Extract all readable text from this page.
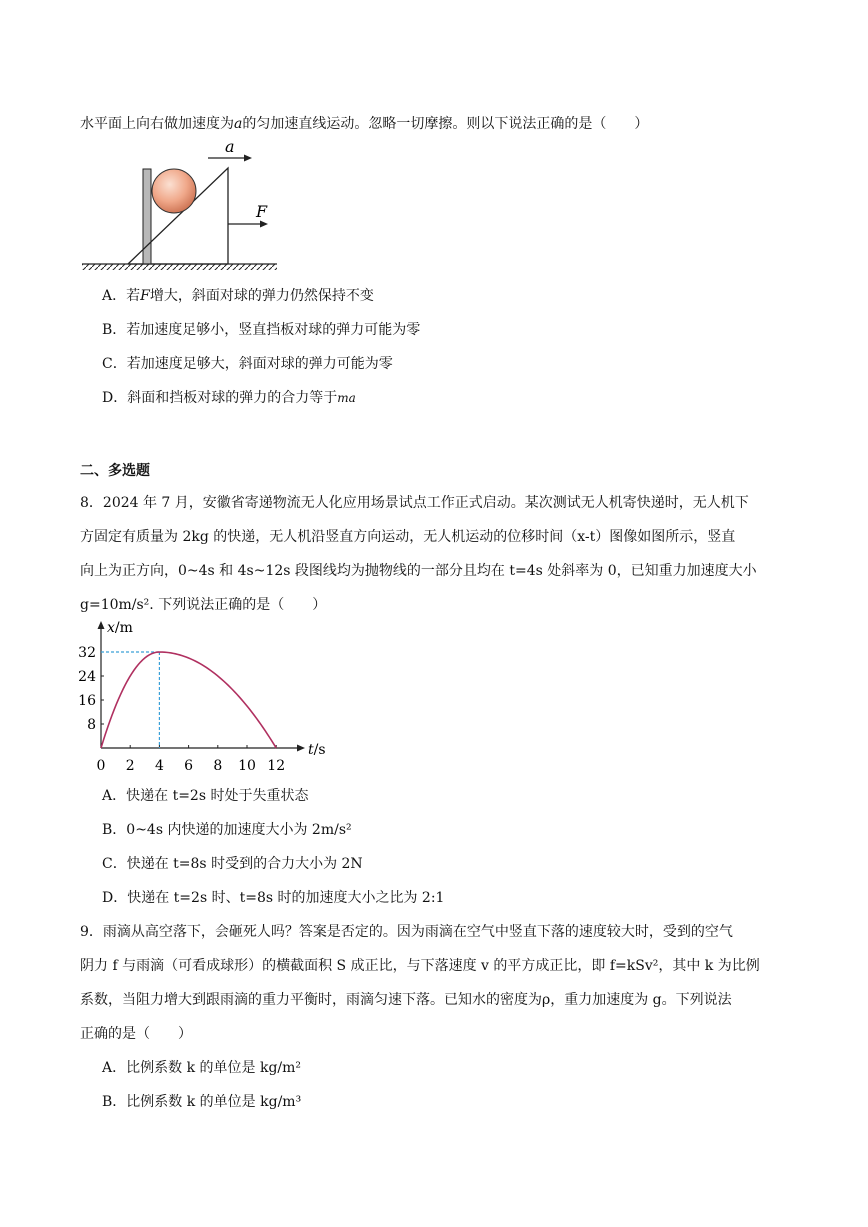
水平面上向右做加速度为a的匀加速直线运动。忽略一切摩擦。则以下说法正确的是（　　）
a
F
A．若F增大，斜面对球的弹力仍然保持不变
B．若加速度足够小，竖直挡板对球的弹力可能为零
C．若加速度足够大，斜面对球的弹力可能为零
D．斜面和挡板对球的弹力的合力等于ma
二、多选题
8．2024 年 7 月，安徽省寄递物流无人化应用场景试点工作正式启动。某次测试无人机寄快递时，无人机下
方固定有质量为 2kg 的快递，无人机沿竖直方向运动，无人机运动的位移时间（x-t）图像如图所示，竖直
向上为正方向，0~4s 和 4s~12s 段图线均为抛物线的一部分且均在 t=4s 处斜率为 0，已知重力加速度大小
g=10m/s². 下列说法正确的是（　　）
x/m
t/s
0 2 4 6 8 10 12
8
16
24
32
A．快递在 t=2s 时处于失重状态
B．0~4s 内快递的加速度大小为 2m/s²
C．快递在 t=8s 时受到的合力大小为 2N
D．快递在 t=2s 时、t=8s 时的加速度大小之比为 2:1
9．雨滴从高空落下，会砸死人吗？答案是否定的。因为雨滴在空气中竖直下落的速度较大时，受到的空气
阴力 f 与雨滴（可看成球形）的横截面积 S 成正比，与下落速度 v 的平方成正比，即 f=kSv²，其中 k 为比例
系数，当阻力增大到跟雨滴的重力平衡时，雨滴匀速下落。已知水的密度为ρ，重力加速度为 g。下列说法
正确的是（　　）
A．比例系数 k 的单位是 kg/m²
B．比例系数 k 的单位是 kg/m³
